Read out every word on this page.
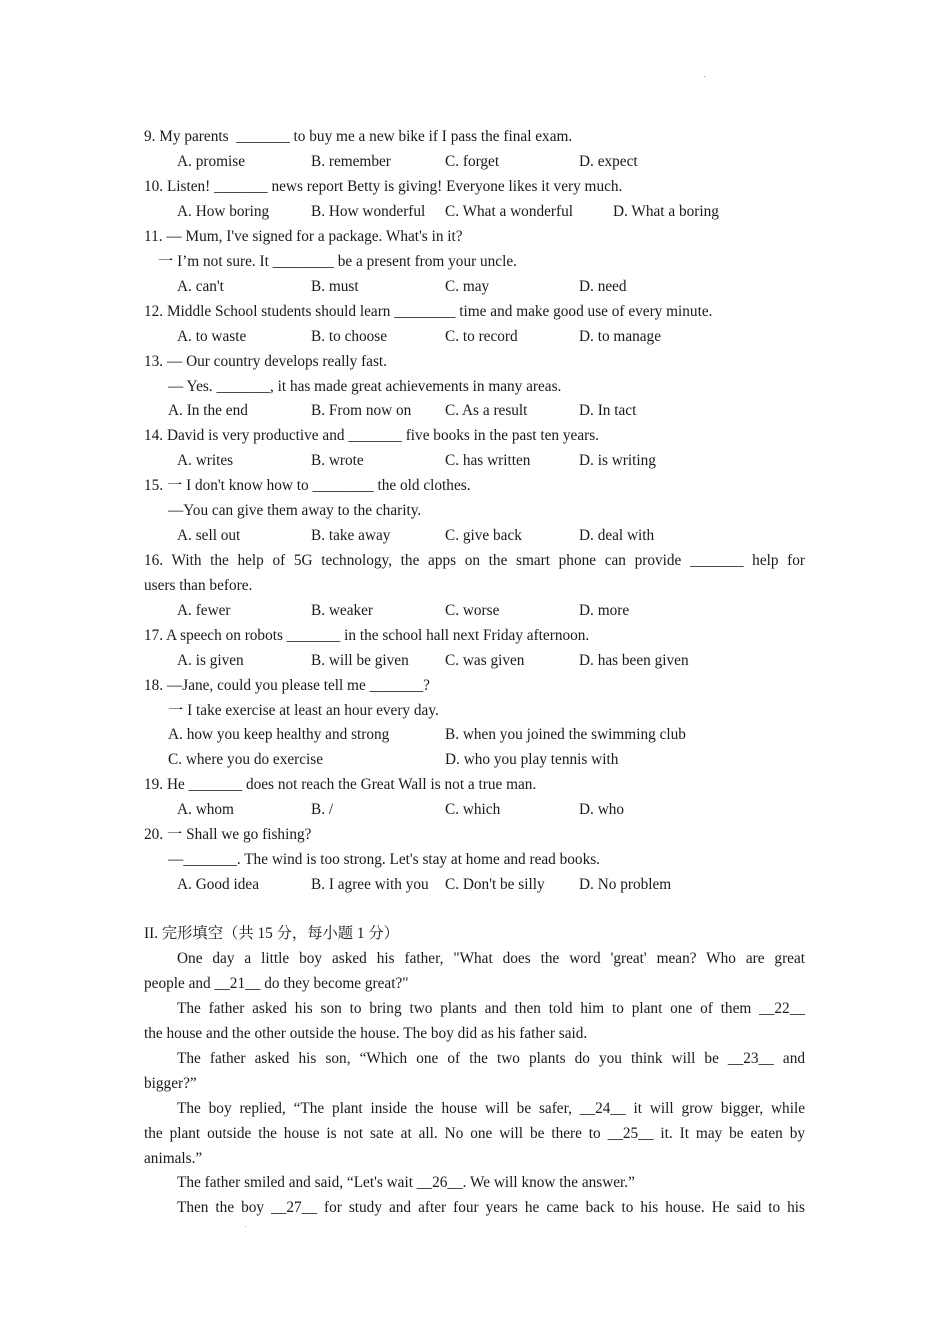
9. My parents  _______ to buy me a new bike if I pass the final exam.
A. promise	B. remember	C. forget	D. expect
10. Listen! _______ news report Betty is giving! Everyone likes it very much.
A. How boring	B. How wonderful C. What a wonderful	D. What a boring
11. — Mum, I've signed for a package. What's in it?
一 I’m not sure. It ________ be a present from your uncle.
A. can't	B. must	C. may	D. need
12. Middle School students should learn ________ time and make good use of every minute.
A. to waste	B. to choose	C. to record	D. to manage
13. — Our country develops really fast.
— Yes. _______, it has made great achievements in many areas.
A. In the end	B. From now on C. As a result	D. In tact
14. David is very productive and _______ five books in the past ten years.
A. writes	B. wrote	C. has written	D. is writing
15. 一 I don't know how to ________ the old clothes.
—You can give them away to the charity.
A. sell out	B. take away	C. give back	D. deal with
16. With the help of 5G technology, the apps on the smart phone can provide _______ help for
users than before.
A. fewer	B. weaker	C. worse	D. more
17. A speech on robots _______ in the school hall next Friday afternoon.
A. is given	B. will be given C. was given	D. has been given
18. —Jane, could you please tell me _______?
一 I take exercise at least an hour every day.
A. how you keep healthy and strong	B. when you joined the swimming club
C. where you do exercise	D. who you play tennis with
19. He _______ does not reach the Great Wall is not a true man.
A. whom	B. /	C. which	D. who
20. 一 Shall we go fishing?
—_______. The wind is too strong. Let's stay at home and read books.
A. Good idea	B. I agree with you C. Don't be silly D. No problem
II. 完形填空（共 15 分，每小题 1 分）
One day a little boy asked his father, "What does the word 'great' mean? Who are great
people and __21__ do they become great?"
The father asked his son to bring two plants and then told him to plant one of them __22__
the house and the other outside the house. The boy did as his father said.
The father asked his son, “Which one of the two plants do you think will be __23__ and
bigger?”
The boy replied, “The plant inside the house will be safer, __24__ it will grow bigger, while
the plant outside the house is not sate at all. No one will be there to __25__ it. It may be eaten by
animals.”
The father smiled and said, “Let's wait __26__. We will know the answer.”
Then the boy __27__ for study and after four years he came back to his house. He said to his
